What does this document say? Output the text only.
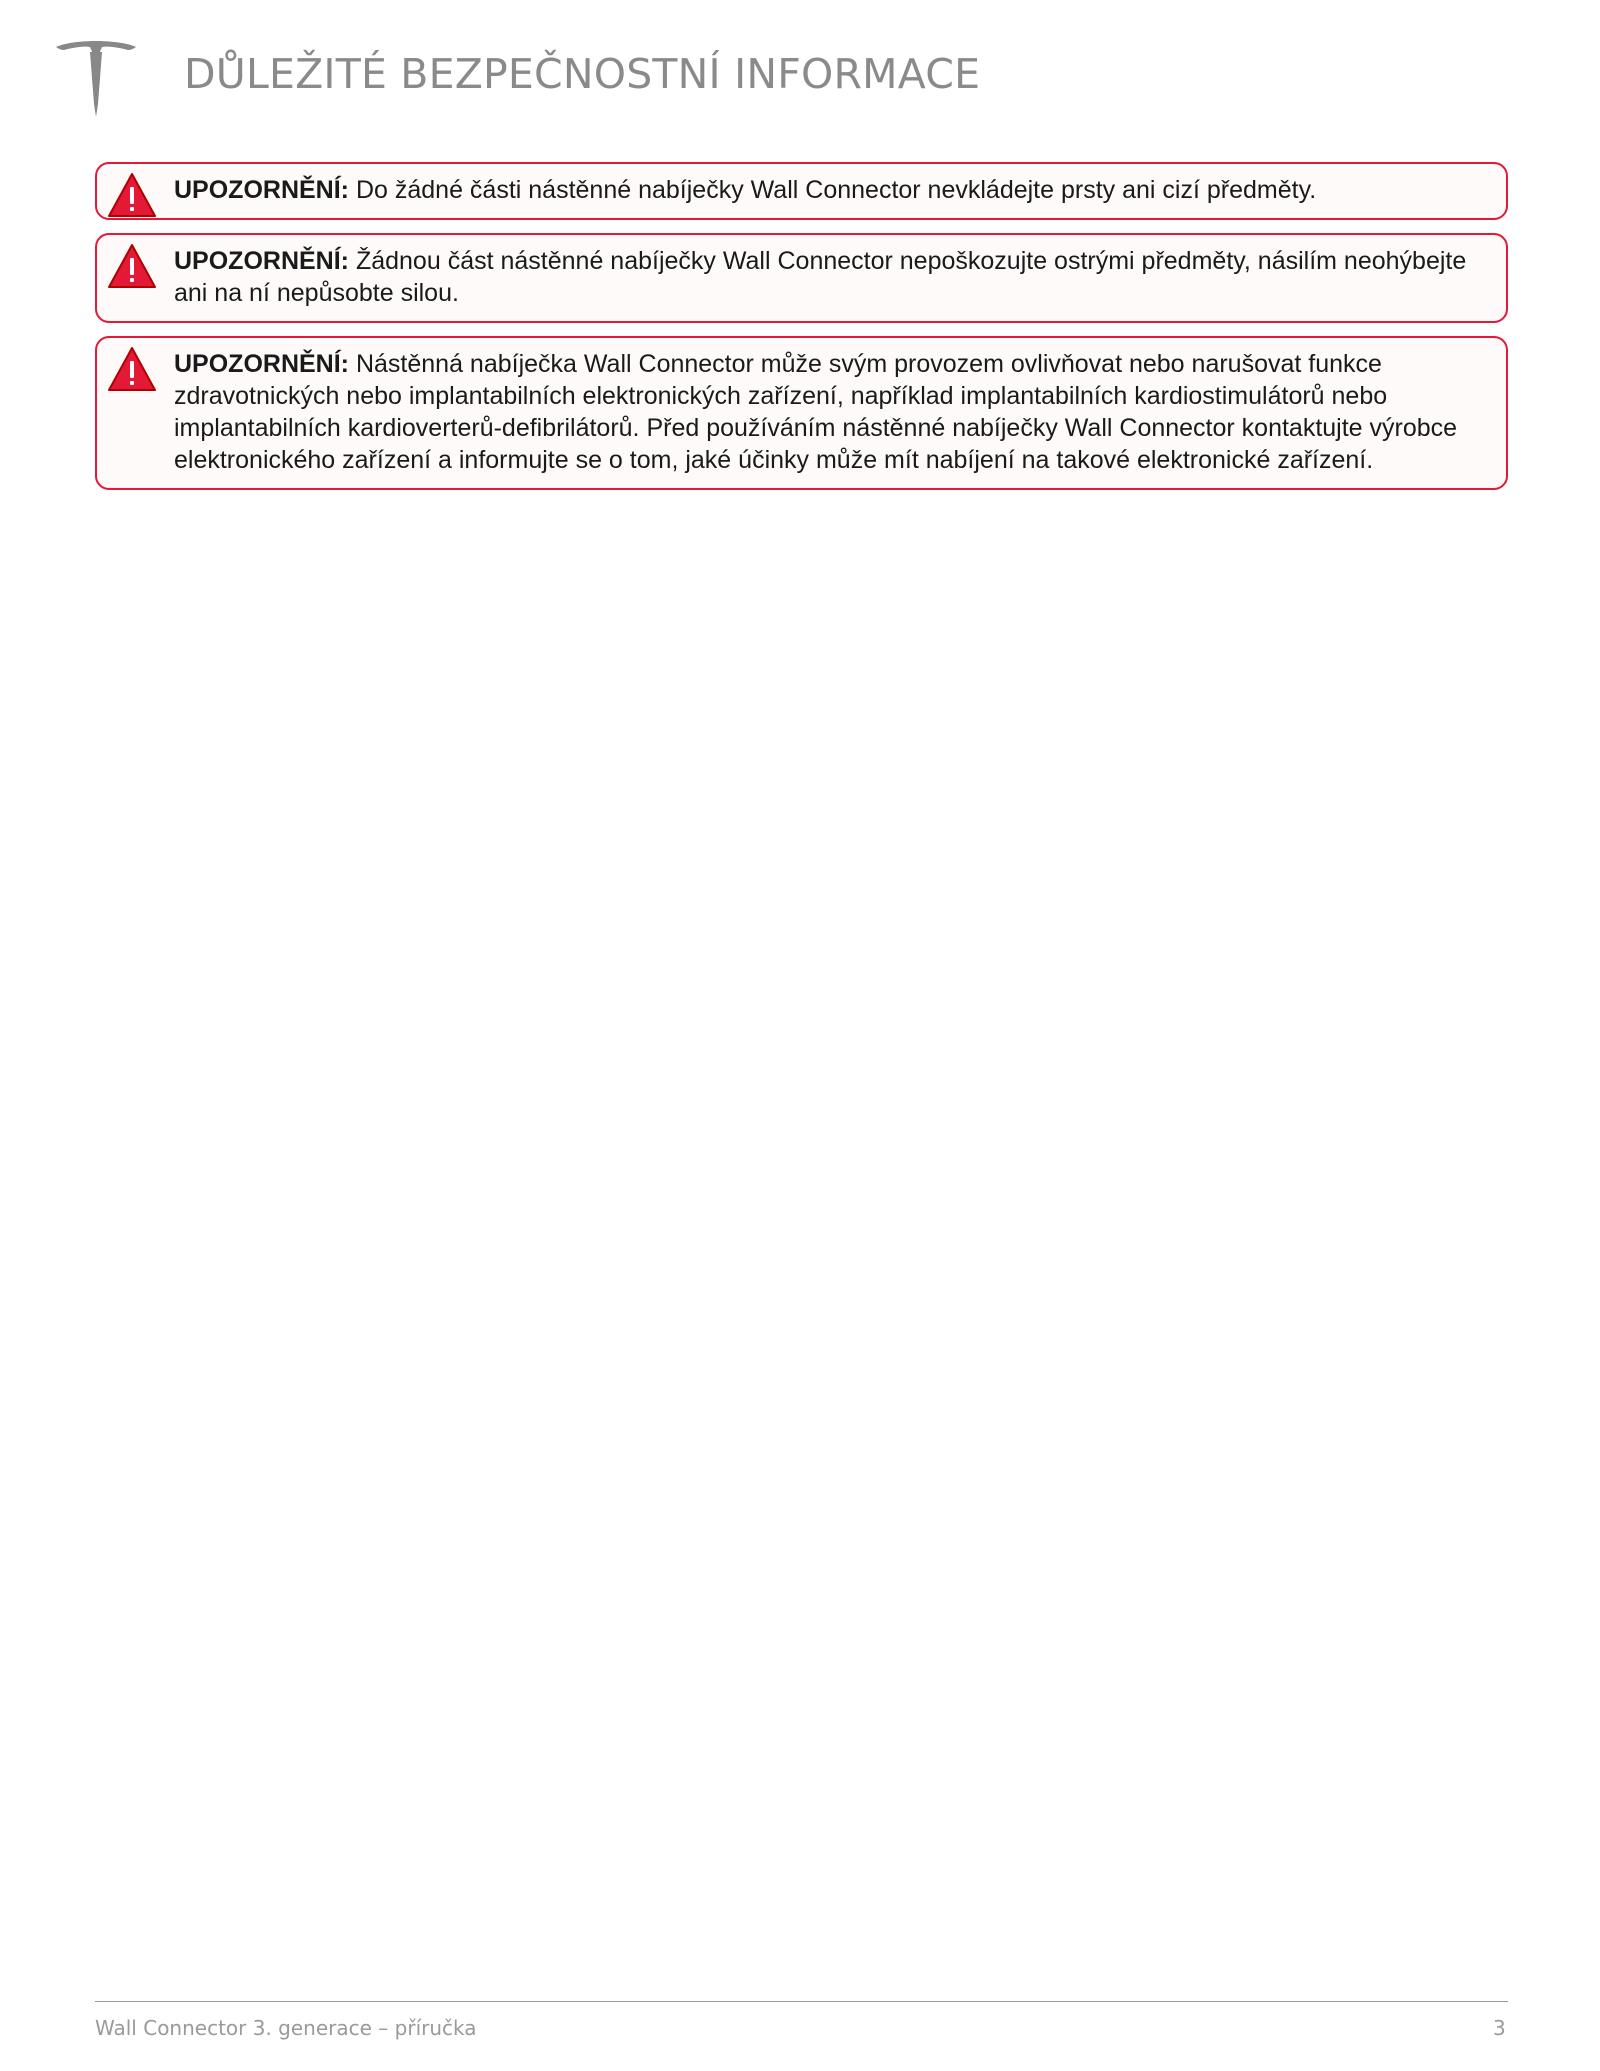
DŮLEŽITÉ BEZPEČNOSTNÍ INFORMACE
UPOZORNĚNÍ: Do žádné části nástěnné nabíječky Wall Connector nevkládejte prsty ani cizí předměty.
UPOZORNĚNÍ: Žádnou část nástěnné nabíječky Wall Connector nepoškozujte ostrými předměty, násilím neohýbejte ani na ní nepůsobte silou.
UPOZORNĚNÍ: Nástěnná nabíječka Wall Connector může svým provozem ovlivňovat nebo narušovat funkce zdravotnických nebo implantabilních elektronických zařízení, například implantabilních kardiostimulátorů nebo implantabilních kardioverterů-defibrilátorů. Před používáním nástěnné nabíječky Wall Connector kontaktujte výrobce elektronického zařízení a informujte se o tom, jaké účinky může mít nabíjení na takové elektronické zařízení.
Wall Connector 3. generace – příručka	3
